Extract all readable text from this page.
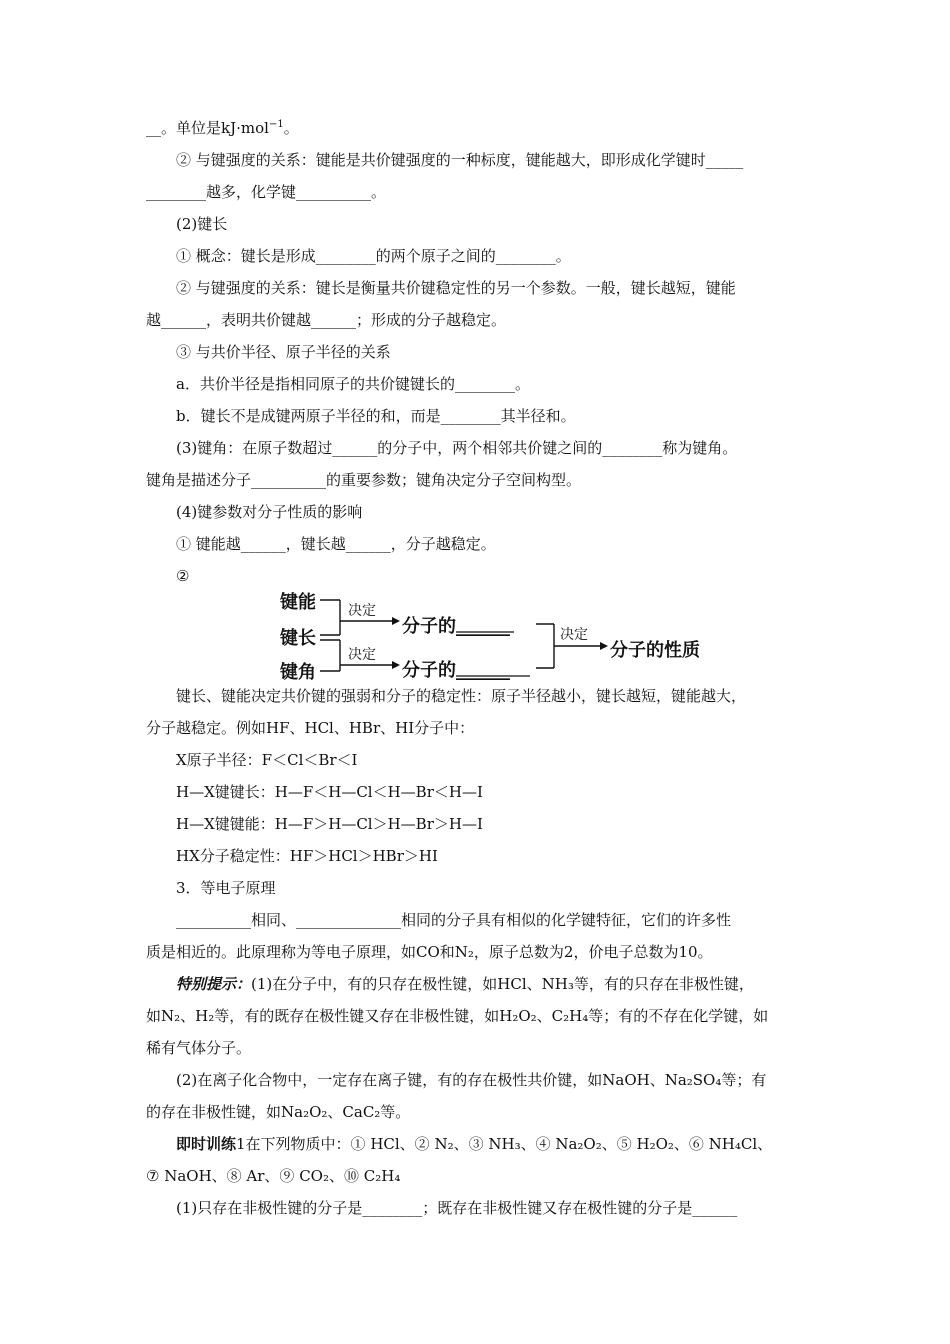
__。单位是kJ·mol$^{-1}$。
② 与键强度的关系：键能是共价键强度的一种标度，键能越大，即形成化学键时_____
________越多，化学键__________。
(2)键长
① 概念：键长是形成________的两个原子之间的________。
② 与键强度的关系：键长是衡量共价键稳定性的另一个参数。一般，键长越短，键能
越______，表明共价键越______；形成的分子越稳定。
③ 与共价半径、原子半径的关系
a．共价半径是指相同原子的共价键键长的________。
b．键长不是成键两原子半径的和，而是________其半径和。
(3)键角：在原子数超过______的分子中，两个相邻共价键之间的________称为键角。
键角是描述分子__________的重要参数；键角决定分子空间构型。
(4)键参数对分子性质的影响
① 键能越______，键长越______，分子越稳定。
②
键能
键长
键角
决定
决定
决定
分子的______
分子的______
分子的性质
键长、键能决定共价键的强弱和分子的稳定性：原子半径越小，键长越短，键能越大，
分子越稳定。例如HF、HCl、HBr、HI分子中：
X原子半径：F＜Cl＜Br＜I
H—X键键长：H—F＜H—Cl＜H—Br＜H—I
H—X键键能：H—F＞H—Cl＞H—Br＞H—I
HX分子稳定性：HF＞HCl＞HBr＞HI
3．等电子原理
__________相同、______________相同的分子具有相似的化学键特征，它们的许多性
质是相近的。此原理称为等电子原理，如CO和N₂，原子总数为2，价电子总数为10。
特别提示：(1)在分子中，有的只存在极性键，如HCl、NH₃等，有的只存在非极性键，
如N₂、H₂等，有的既存在极性键又存在非极性键，如H₂O₂、C₂H₄等；有的不存在化学键，如
稀有气体分子。
(2)在离子化合物中，一定存在离子键，有的存在极性共价键，如NaOH、Na₂SO₄等；有
的存在非极性键，如Na₂O₂、CaC₂等。
即时训练1在下列物质中：① HCl、② N₂、③ NH₃、④ Na₂O₂、⑤ H₂O₂、⑥ NH₄Cl、
⑦ NaOH、⑧ Ar、⑨ CO₂、⑩ C₂H₄
(1)只存在非极性键的分子是________；既存在非极性键又存在极性键的分子是______
